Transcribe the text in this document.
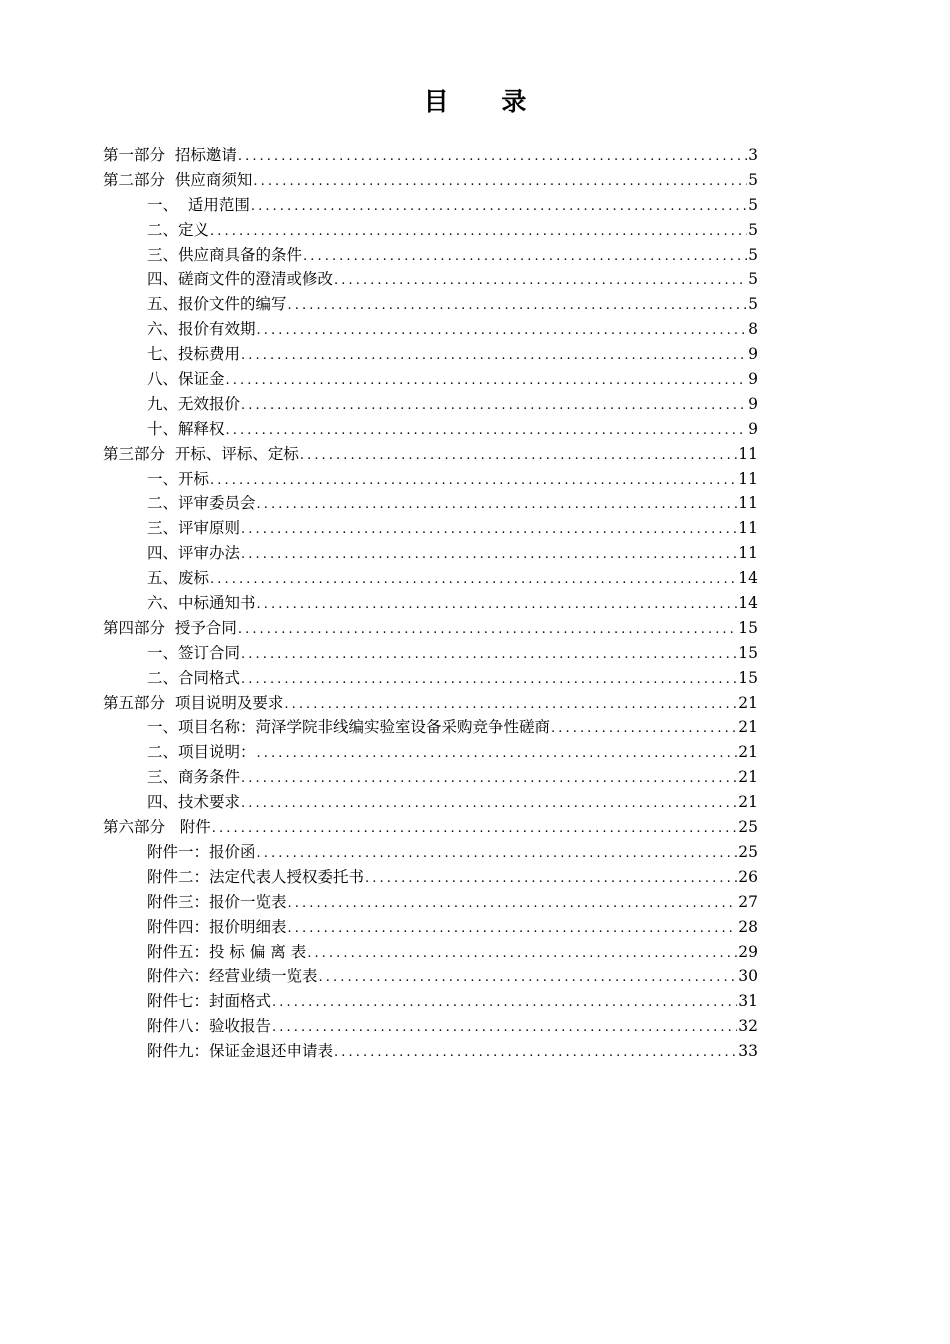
目 录
第一部分  招标邀请 .....	3
第二部分  供应商须知 .....	5
一、  适用范围 .....	5
二、定义 .....	5
三、供应商具备的条件 .....	5
四、磋商文件的澄清或修改 .....	5
五、报价文件的编写 .....	5
六、报价有效期 .....	8
七、投标费用 .....	9
八、保证金 .....	9
九、无效报价 .....	9
十、解释权 .....	9
第三部分  开标、评标、定标 .....	11
一、开标 .....	11
二、评审委员会 .....	11
三、评审原则 .....	11
四、评审办法 .....	11
五、废标 .....	14
六、中标通知书 .....	14
第四部分  授予合同 .....	15
一、签订合同 .....	15
二、合同格式 .....	15
第五部分  项目说明及要求 .....	21
一、项目名称：菏泽学院非线编实验室设备采购竞争性磋商 .....	21
二、项目说明： .....	21
三、商务条件 .....	21
四、技术要求 .....	21
第六部分   附件 .....	25
附件一：报价函 .....	25
附件二：法定代表人授权委托书 .....	26
附件三：报价一览表 .....	27
附件四：报价明细表 .....	28
附件五：投 标 偏 离 表 .....	29
附件六：经营业绩一览表 .....	30
附件七：封面格式 .....	31
附件八：验收报告 .....	32
附件九：保证金退还申请表 .....	33
